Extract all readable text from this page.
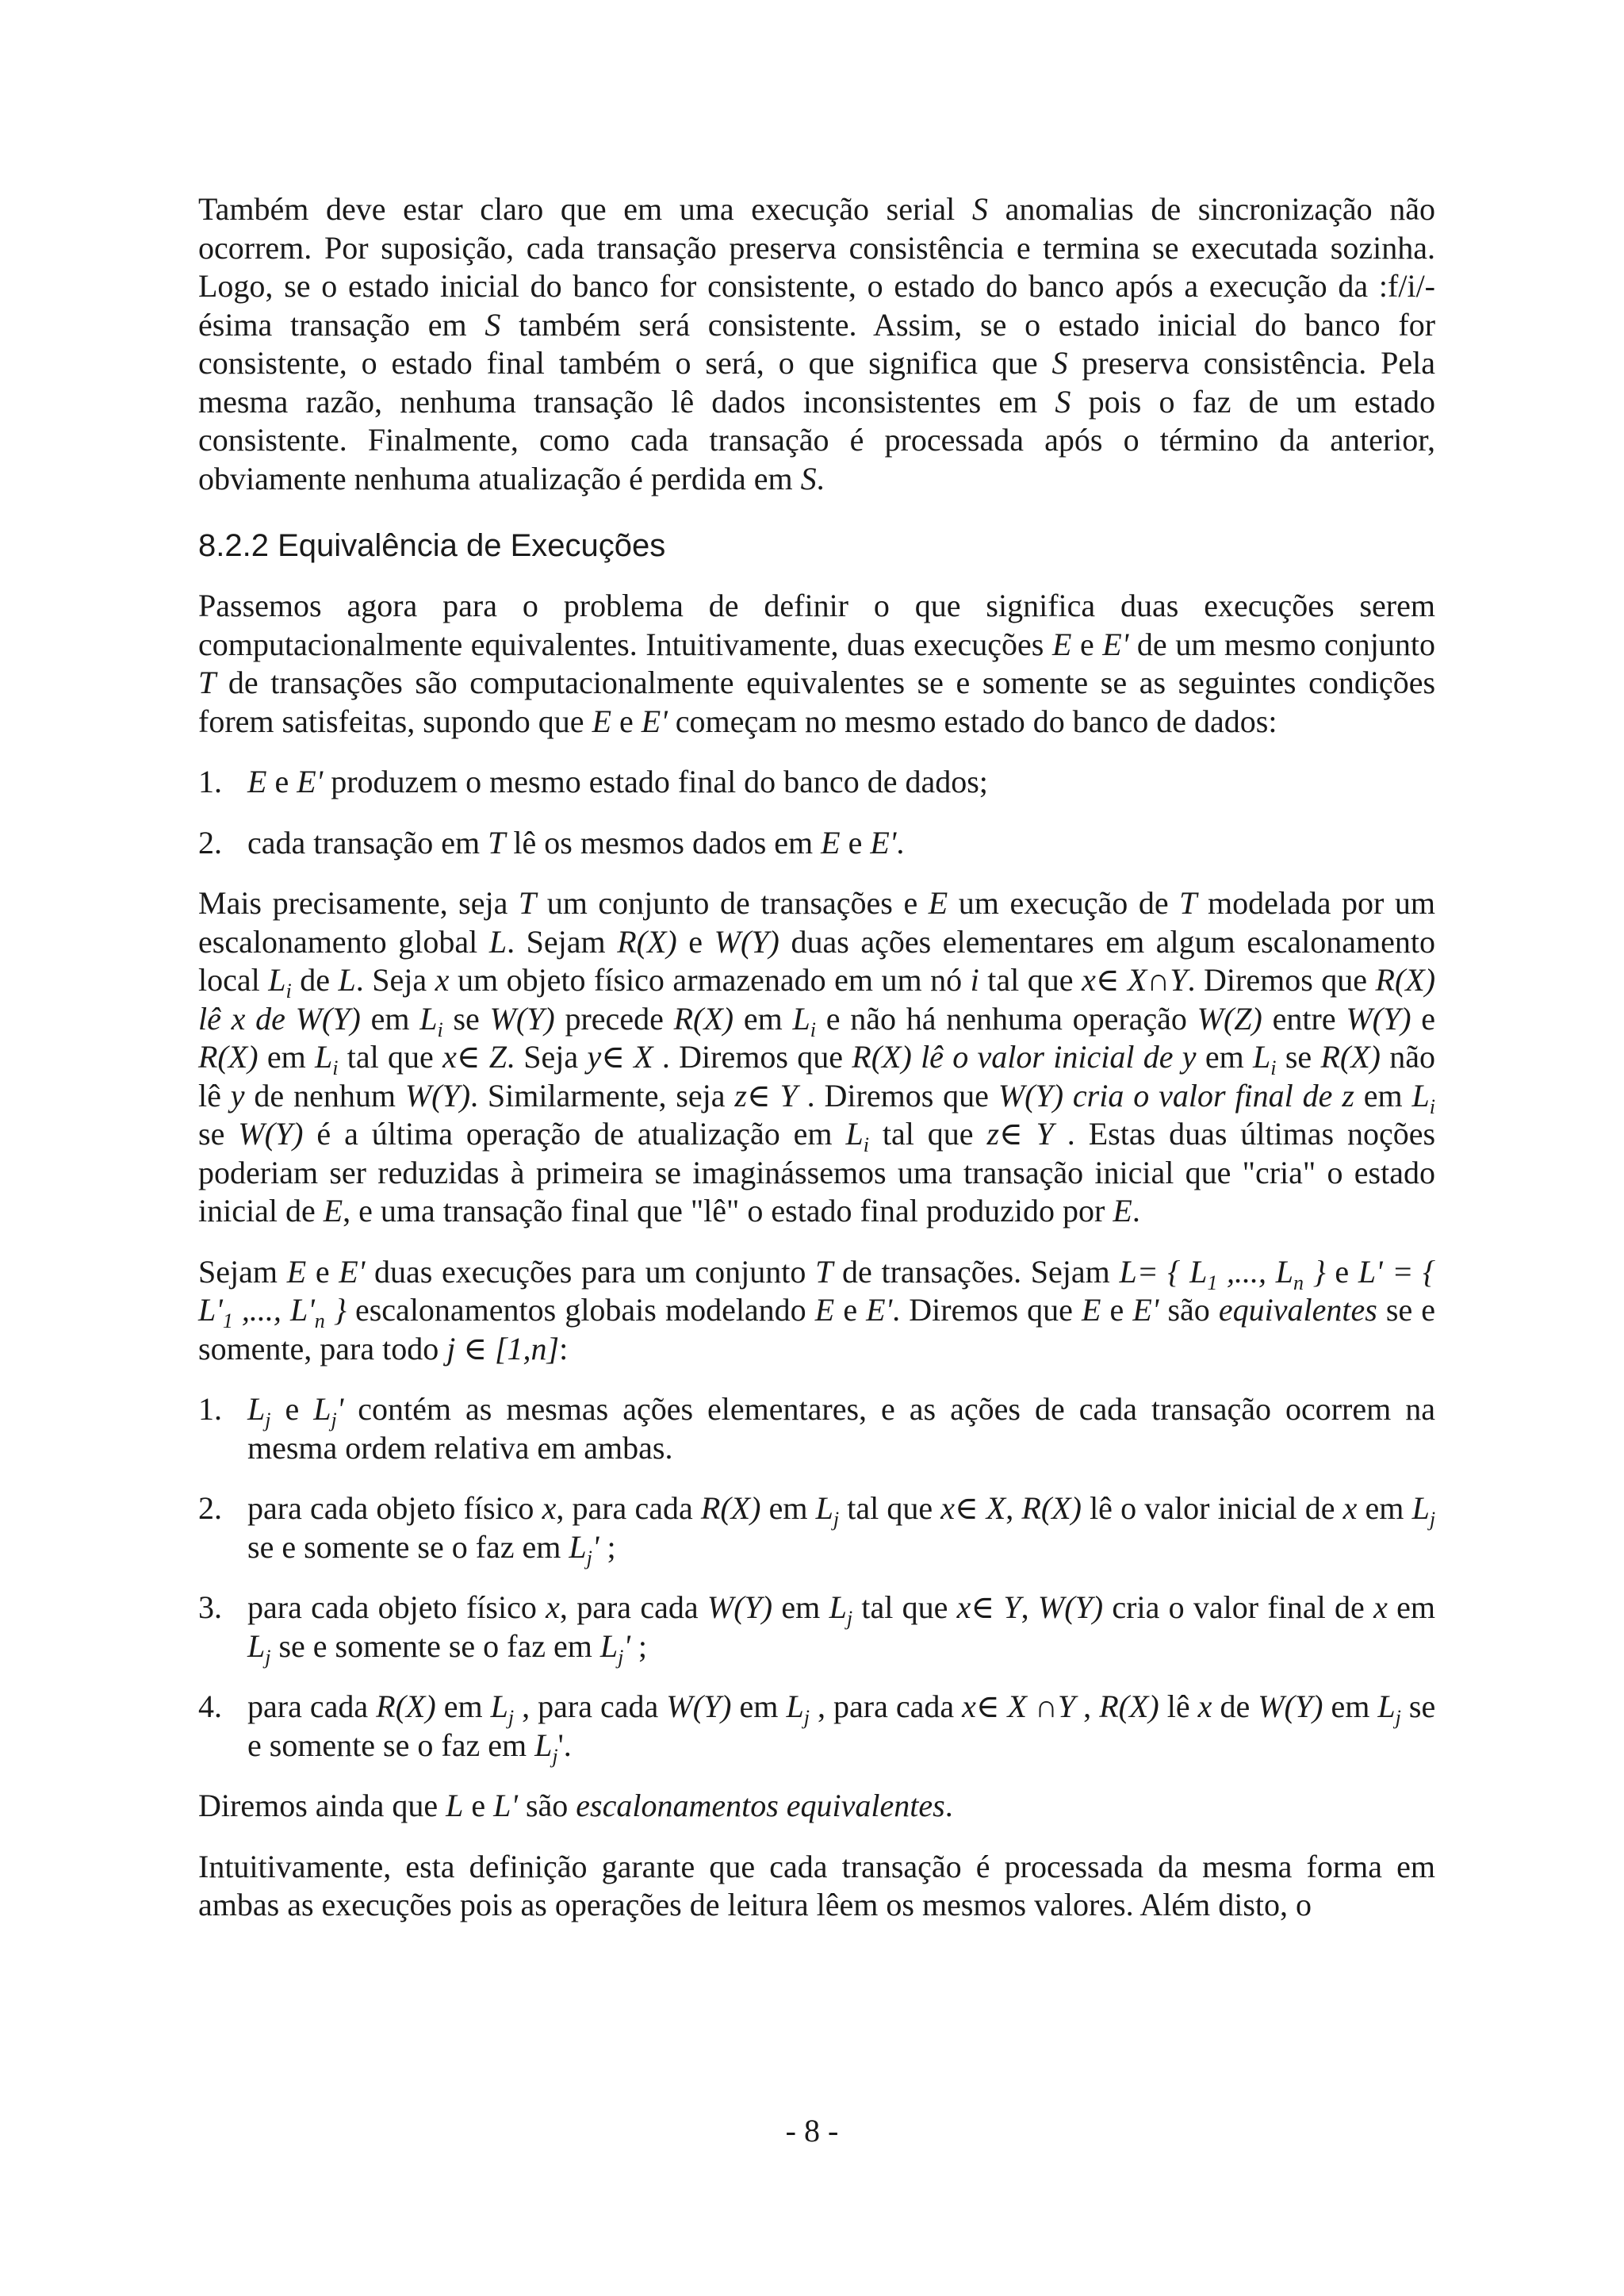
Também deve estar claro que em uma execução serial S anomalias de sincronização não ocorrem. Por suposição, cada transação preserva consistência e termina se executada sozinha. Logo, se o estado inicial do banco for consistente, o estado do banco após a execução da :f/i/-ésima transação em S também será consistente. Assim, se o estado inicial do banco for consistente, o estado final também o será, o que significa que S preserva consistência. Pela mesma razão, nenhuma transação lê dados inconsistentes em S pois o faz de um estado consistente. Finalmente, como cada transação é processada após o término da anterior, obviamente nenhuma atualização é perdida em S.

8.2.2 Equivalência de Execuções

Passemos agora para o problema de definir o que significa duas execuções serem computacionalmente equivalentes. Intuitivamente, duas execuções E e E' de um mesmo conjunto T de transações são computacionalmente equivalentes se e somente se as seguintes condições forem satisfeitas, supondo que E e E' começam no mesmo estado do banco de dados:

1. E e E' produzem o mesmo estado final do banco de dados;
2. cada transação em T lê os mesmos dados em E e E'.

Mais precisamente, seja T um conjunto de transações e E um execução de T modelada por um escalonamento global L. Sejam R(X) e W(Y) duas ações elementares em algum escalonamento local $L_i$ de L. Seja x um objeto físico armazenado em um nó i tal que x∈ X∩Y. Diremos que R(X) lê x de W(Y) em $L_i$ se W(Y) precede R(X) em $L_i$ e não há nenhuma operação W(Z) entre W(Y) e R(X) em $L_i$ tal que x∈ Z. Seja y∈ X . Diremos que R(X) lê o valor inicial de y em $L_i$ se R(X) não lê y de nenhum W(Y). Similarmente, seja z∈ Y . Diremos que W(Y) cria o valor final de z em $L_i$ se W(Y) é a última operação de atualização em $L_i$ tal que z∈ Y . Estas duas últimas noções poderiam ser reduzidas à primeira se imaginássemos uma transação inicial que "cria" o estado inicial de E, e uma transação final que "lê" o estado final produzido por E.

Sejam E e E' duas execuções para um conjunto T de transações. Sejam L= { $L_1$ ,..., $L_n$ } e L' = { $L'_1$ ,..., $L'_n$ } escalonamentos globais modelando E e E'. Diremos que E e E' são equivalentes se e somente, para todo j ∈ [1,n]:

1. $L_j$ e $L_j'$ contém as mesmas ações elementares, e as ações de cada transação ocorrem na mesma ordem relativa em ambas.
2. para cada objeto físico x, para cada R(X) em $L_j$ tal que x∈ X, R(X) lê o valor inicial de x em $L_j$ se e somente se o faz em $L_j'$ ;
3. para cada objeto físico x, para cada W(Y) em $L_j$ tal que x∈ Y, W(Y) cria o valor final de x em $L_j$ se e somente se o faz em $L_j'$ ;
4. para cada R(X) em $L_j$ , para cada W(Y) em $L_j$ , para cada x∈ X ∩Y , R(X) lê x de W(Y) em $L_j$ se e somente se o faz em $L_j'$.

Diremos ainda que L e L' são escalonamentos equivalentes.

Intuitivamente, esta definição garante que cada transação é processada da mesma forma em ambas as execuções pois as operações de leitura lêem os mesmos valores. Além disto, o

- 8 -
